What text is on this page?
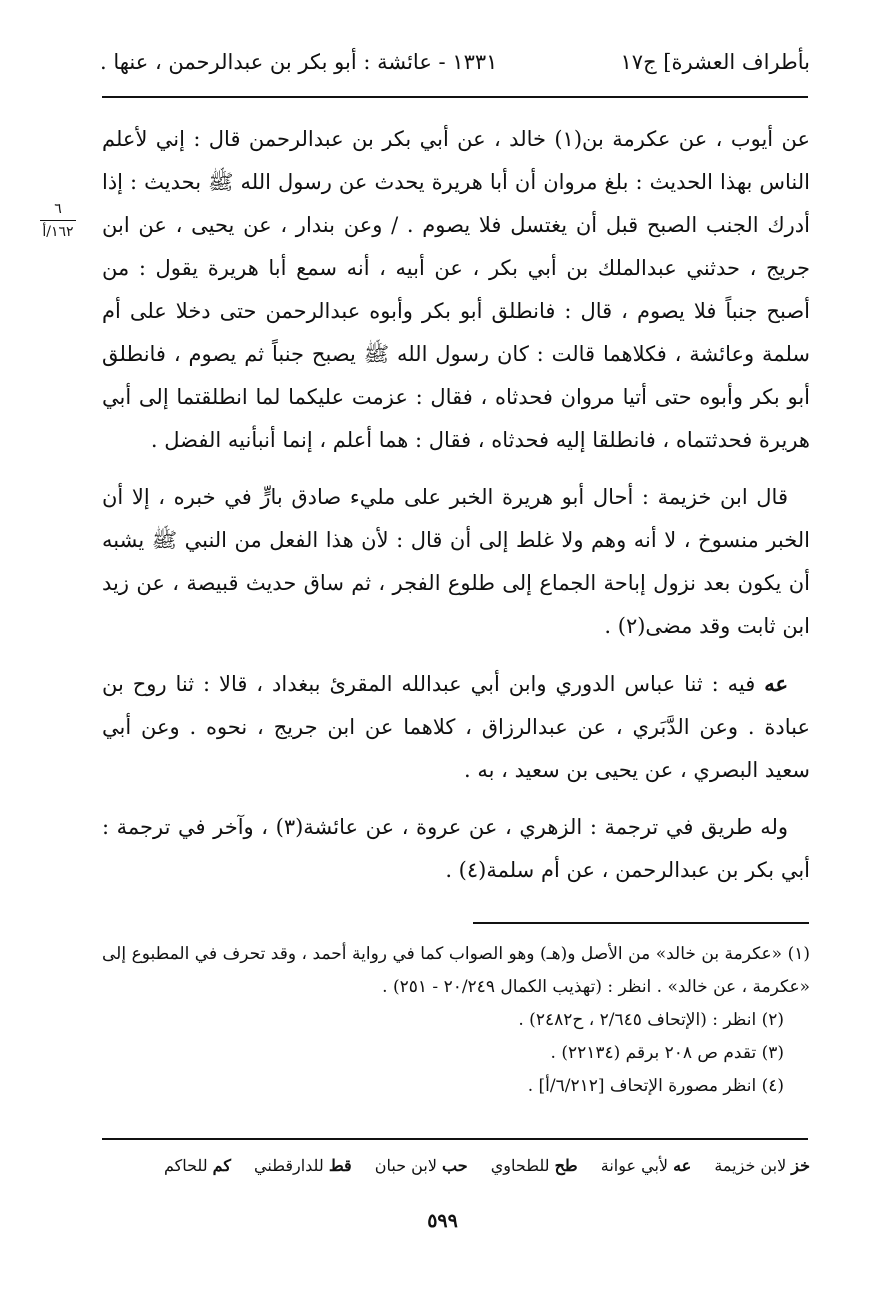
بأطراف العشرة] ج١٧
١٣٣١ - عائشة : أبو بكر بن عبدالرحمن ، عنها .
٦
١٦٢/أ

عن أيوب ، عن عكرمة بن(١) خالد ، عن أبي بكر بن عبدالرحمن قال : إني لأعلم الناس بهذا الحديث : بلغ مروان أن أبا هريرة يحدث عن رسول الله ﷺ بحديث : إذا أدرك الجنب الصبح قبل أن يغتسل فلا يصوم . / وعن بندار ، عن يحيى ، عن ابن جريج ، حدثني عبدالملك بن أبي بكر ، عن أبيه ، أنه سمع أبا هريرة يقول : من أصبح جنباً فلا يصوم ، قال : فانطلق أبو بكر وأبوه عبدالرحمن حتى دخلا على أم سلمة وعائشة ، فكلاهما قالت : كان رسول الله ﷺ يصبح جنباً ثم يصوم ، فانطلق أبو بكر وأبوه حتى أتيا مروان فحدثاه ، فقال : عزمت عليكما لما انطلقتما إلى أبي هريرة فحدثتماه ، فانطلقا إليه فحدثاه ، فقال : هما أعلم ، إنما أنبأنيه الفضل .

قال ابن خزيمة : أحال أبو هريرة الخبر على مليء صادق بارٍّ في خبره ، إلا أن الخبر منسوخ ، لا أنه وهم ولا غلط إلى أن قال : لأن هذا الفعل من النبي ﷺ يشبه أن يكون بعد نزول إباحة الجماع إلى طلوع الفجر ، ثم ساق حديث قبيصة ، عن زيد ابن ثابت وقد مضى(٢) .

عه فيه : ثنا عباس الدوري وابن أبي عبدالله المقرئ ببغداد ، قالا : ثنا روح بن عبادة . وعن الدَّبَري ، عن عبدالرزاق ، كلاهما عن ابن جريج ، نحوه . وعن أبي سعيد البصري ، عن يحيى بن سعيد ، به .

وله طريق في ترجمة : الزهري ، عن عروة ، عن عائشة(٣) ، وآخر في ترجمة : أبي بكر بن عبدالرحمن ، عن أم سلمة(٤) .

(١) «عكرمة بن خالد» من الأصل و(هـ) وهو الصواب كما في رواية أحمد ، وقد تحرف في المطبوع إلى «عكرمة ، عن خالد» . انظر : (تهذيب الكمال ٢٠/٢٤٩ - ٢٥١) .

(٢) انظر : (الإتحاف ٢/٦٤٥ ، ح٢٤٨٢) .

(٣) تقدم ص ٢٠٨ برقم (٢٢١٣٤) .

(٤) انظر مصورة الإتحاف [٦/٢١٢/أ] .

خز لابن خزيمة عه لأبي عوانة طح للطحاوي حب لابن حبان قط للدارقطني كم للحاكم
٥٩٩
